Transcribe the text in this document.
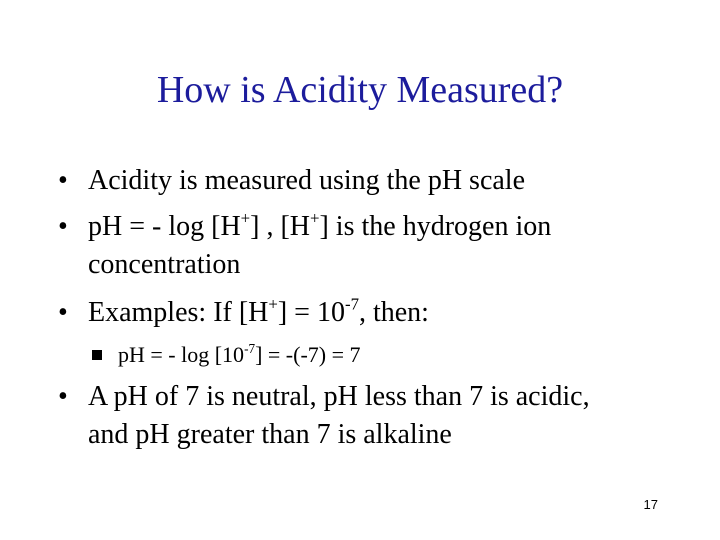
How is Acidity Measured?
• Acidity is measured using the pH scale
• pH = - log [H+] , [H+] is the hydrogen ion concentration
• Examples: If $[H^+] = 10^{-7}$, then:
pH = - $\log [10^{-7}] = -(-7) = 7$
• A pH of 7 is neutral, pH less than 7 is acidic, and pH greater than 7 is alkaline
17
